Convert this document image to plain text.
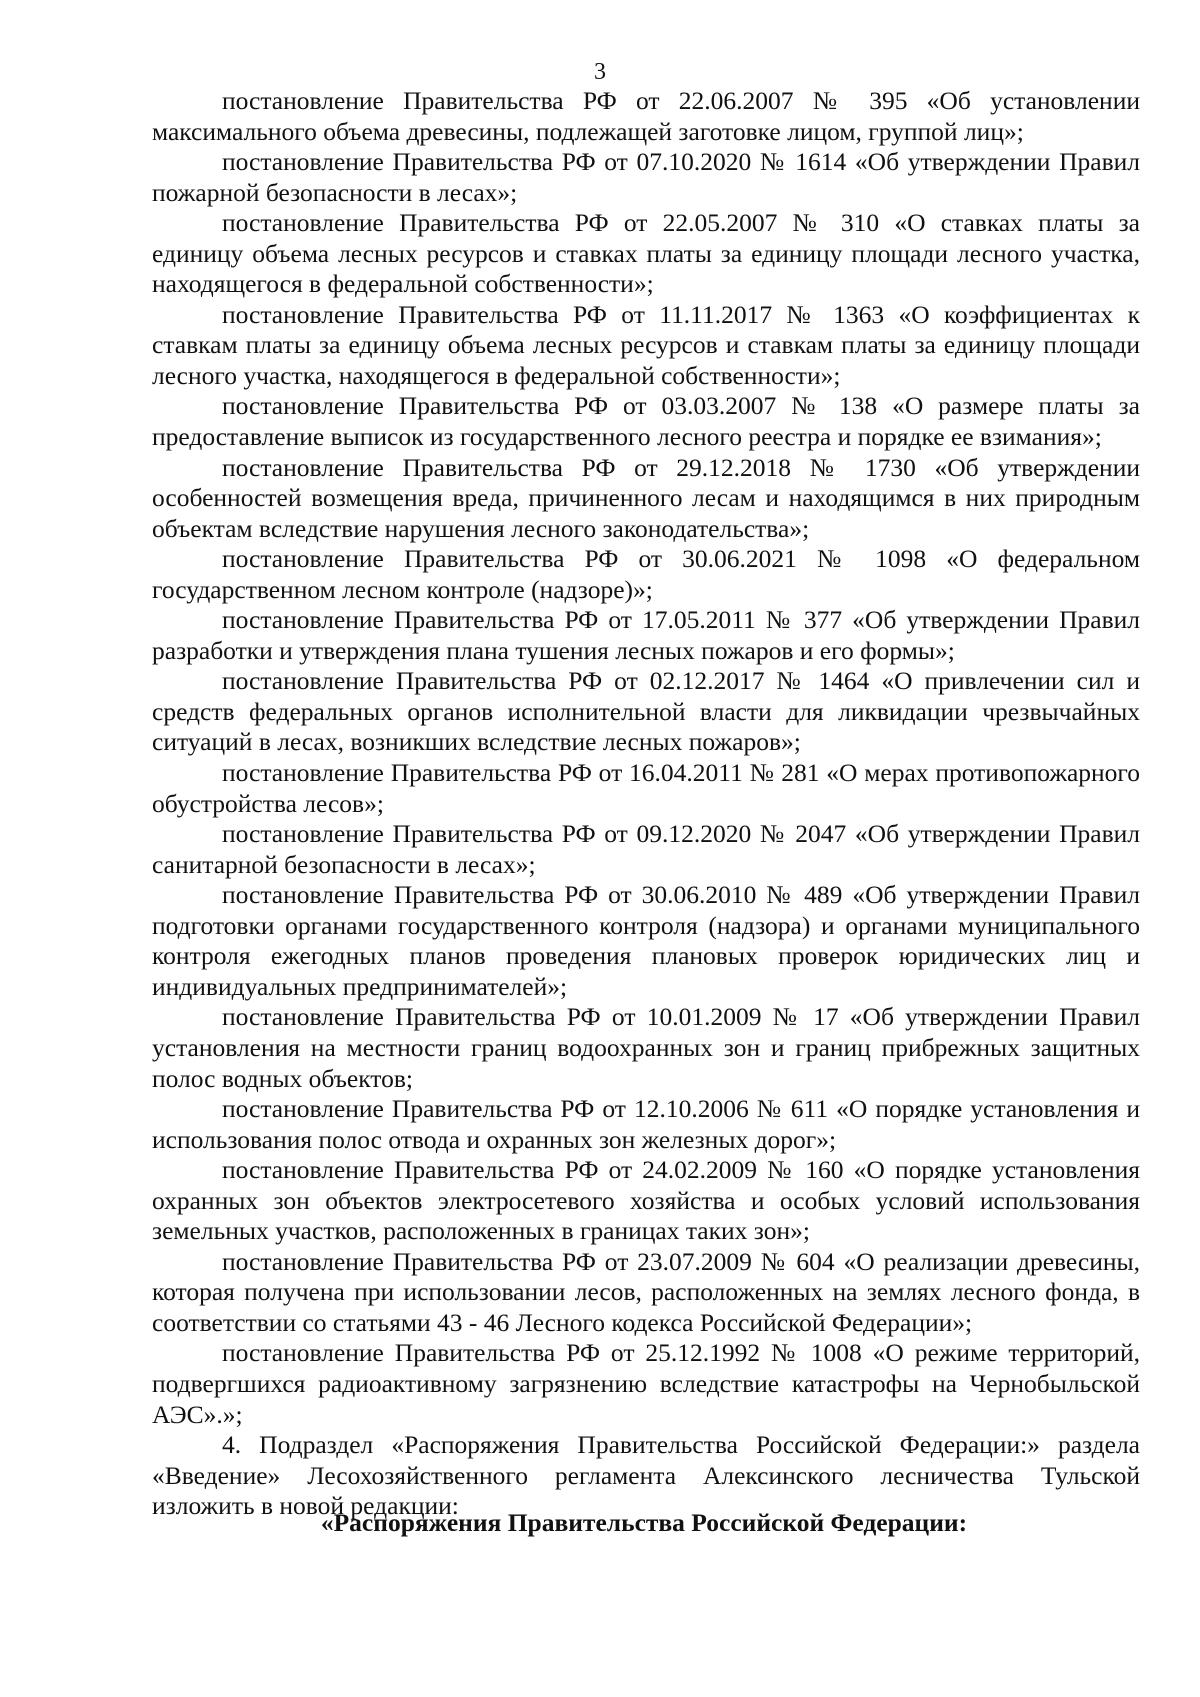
3

постановление Правительства РФ от 22.06.2007 № 395 «Об установлении максимального объема древесины, подлежащей заготовке лицом, группой лиц»;

постановление Правительства РФ от 07.10.2020 № 1614 «Об утверждении Правил пожарной безопасности в лесах»;

постановление Правительства РФ от 22.05.2007 № 310 «О ставках платы за единицу объема лесных ресурсов и ставках платы за единицу площади лесного участка, находящегося в федеральной собственности»;

постановление Правительства РФ от 11.11.2017 № 1363 «О коэффициентах к ставкам платы за единицу объема лесных ресурсов и ставкам платы за единицу площади лесного участка, находящегося в федеральной собственности»;

постановление Правительства РФ от 03.03.2007 № 138 «О размере платы за предоставление выписок из государственного лесного реестра и порядке ее взимания»;

постановление Правительства РФ от 29.12.2018 № 1730 «Об утверждении особенностей возмещения вреда, причиненного лесам и находящимся в них природным объектам вследствие нарушения лесного законодательства»;

постановление Правительства РФ от 30.06.2021 № 1098 «О федеральном государственном лесном контроле (надзоре)»;

постановление Правительства РФ от 17.05.2011 № 377 «Об утверждении Правил разработки и утверждения плана тушения лесных пожаров и его формы»;

постановление Правительства РФ от 02.12.2017 № 1464 «О привлечении сил и средств федеральных органов исполнительной власти для ликвидации чрезвычайных ситуаций в лесах, возникших вследствие лесных пожаров»;

постановление Правительства РФ от 16.04.2011 № 281 «О мерах противопожарного обустройства лесов»;

постановление Правительства РФ от 09.12.2020 № 2047 «Об утверждении Правил санитарной безопасности в лесах»;

постановление Правительства РФ от 30.06.2010 № 489 «Об утверждении Правил подготовки органами государственного контроля (надзора) и органами муниципального контроля ежегодных планов проведения плановых проверок юридических лиц и индивидуальных предпринимателей»;

постановление Правительства РФ от 10.01.2009 № 17 «Об утверждении Правил установления на местности границ водоохранных зон и границ прибрежных защитных полос водных объектов;

постановление Правительства РФ от 12.10.2006 № 611 «О порядке установления и использования полос отвода и охранных зон железных дорог»;

постановление Правительства РФ от 24.02.2009 № 160 «О порядке установления охранных зон объектов электросетевого хозяйства и особых условий использования земельных участков, расположенных в границах таких зон»;

постановление Правительства РФ от 23.07.2009 № 604 «О реализации древесины, которая получена при использовании лесов, расположенных на землях лесного фонда, в соответствии со статьями 43 - 46 Лесного кодекса Российской Федерации»;

постановление Правительства РФ от 25.12.1992 № 1008 «О режиме территорий, подвергшихся радиоактивному загрязнению вследствие катастрофы на Чернобыльской АЭС».»;

4. Подраздел «Распоряжения Правительства Российской Федерации:» раздела «Введение» Лесохозяйственного регламента Алексинского лесничества Тульской изложить в новой редакции:

«Распоряжения Правительства Российской Федерации:
